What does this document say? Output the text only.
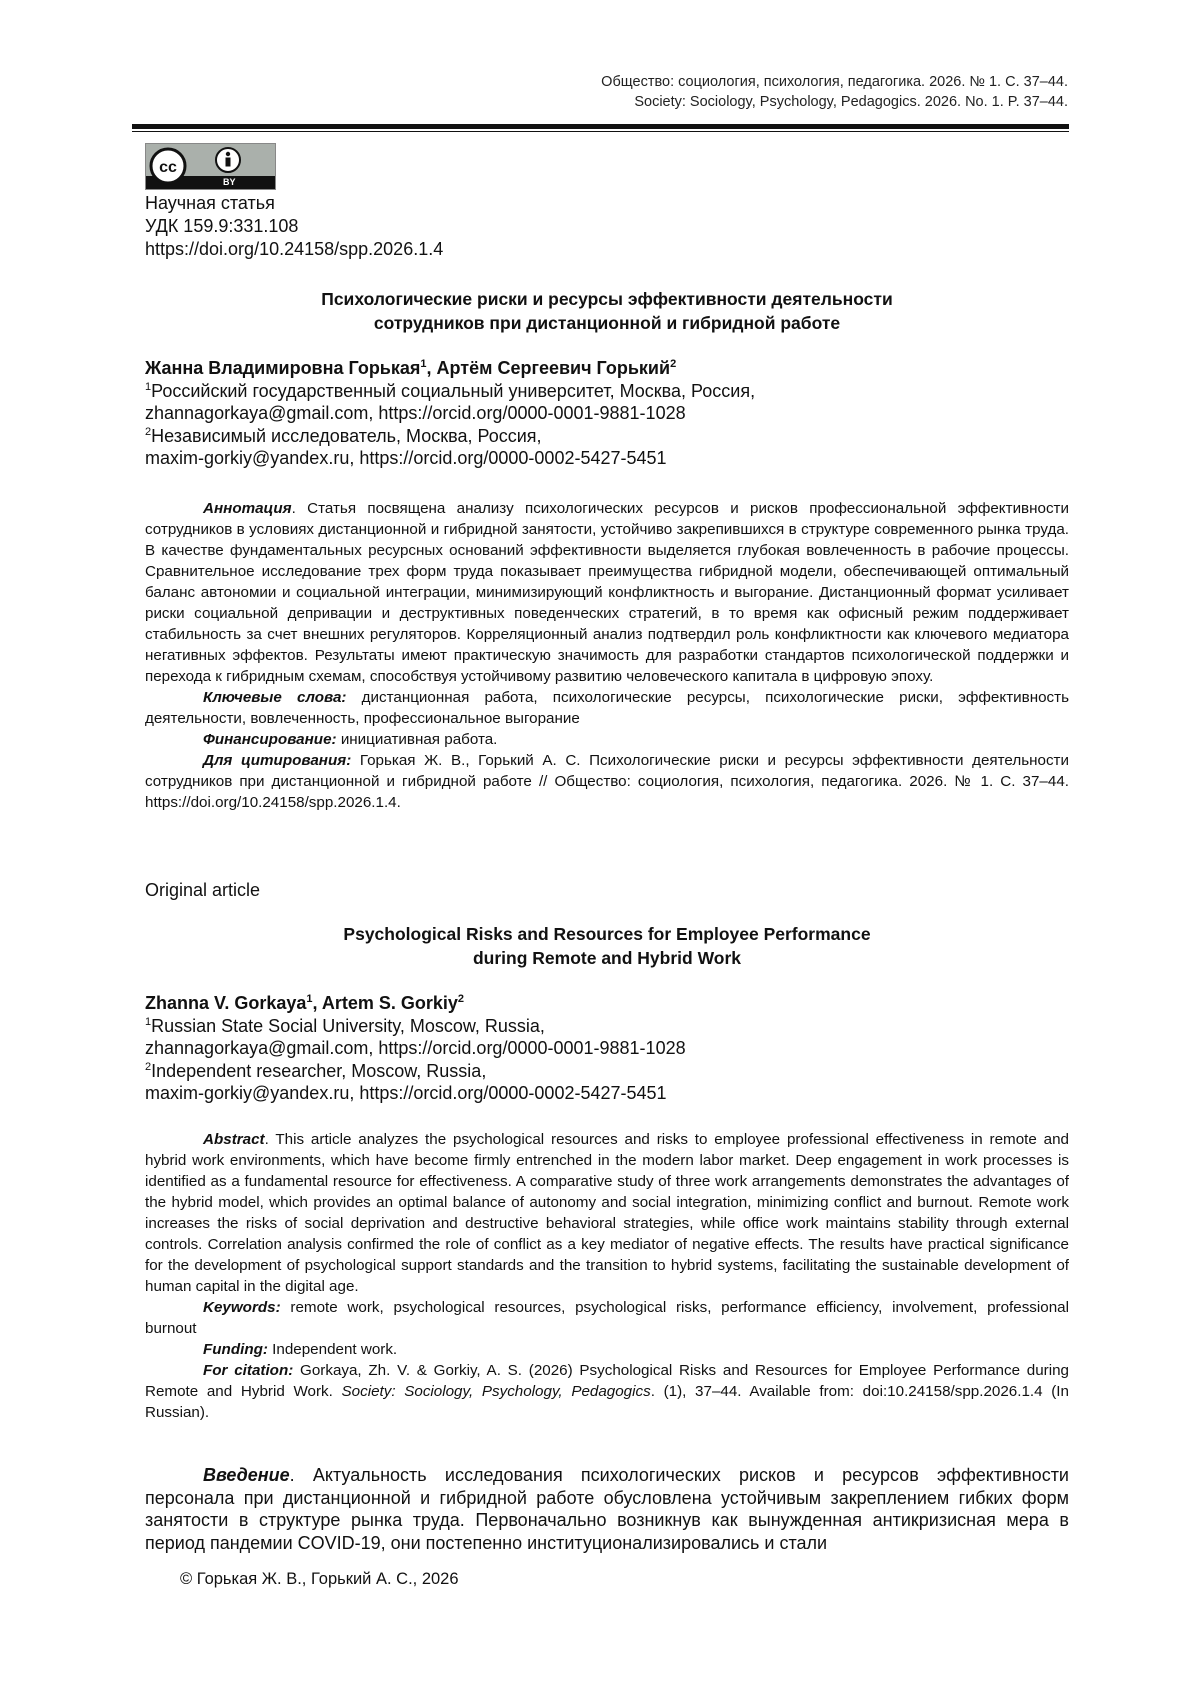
Общество: социология, психология, педагогика. 2026. № 1. С. 37–44.
Society: Sociology, Psychology, Pedagogics. 2026. No. 1. P. 37–44.
cc
BY
Научная статья
УДК 159.9:331.108
https://doi.org/10.24158/spp.2026.1.4
Психологические риски и ресурсы эффективности деятельности
сотрудников при дистанционной и гибридной работе
Жанна Владимировна Горькая$^1$, Артём Сергеевич Горький$^2$
$^1$Российский государственный социальный университет, Москва, Россия,
zhannagorkaya@gmail.com, https://orcid.org/0000-0001-9881-1028
$^2$Независимый исследователь, Москва, Россия,
maxim-gorkiy@yandex.ru, https://orcid.org/0000-0002-5427-5451

Аннотация. Статья посвящена анализу психологических ресурсов и рисков профессиональной эффективности сотрудников в условиях дистанционной и гибридной занятости, устойчиво закрепившихся в структуре современного рынка труда. В качестве фундаментальных ресурсных оснований эффективности выделяется глубокая вовлеченность в рабочие процессы. Сравнительное исследование трех форм труда показывает преимущества гибридной модели, обеспечивающей оптимальный баланс автономии и социальной интеграции, минимизирующий конфликтность и выгорание. Дистанционный формат усиливает риски социальной депривации и деструктивных поведенческих стратегий, в то время как офисный режим поддерживает стабильность за счет внешних регуляторов. Корреляционный анализ подтвердил роль конфликтности как ключевого медиатора негативных эффектов. Результаты имеют практическую значимость для разработки стандартов психологической поддержки и перехода к гибридным схемам, способствуя устойчивому развитию человеческого капитала в цифровую эпоху.

Ключевые слова: дистанционная работа, психологические ресурсы, психологические риски, эффективность деятельности, вовлеченность, профессиональное выгорание

Финансирование: инициативная работа.

Для цитирования: Горькая Ж. В., Горький А. С. Психологические риски и ресурсы эффективности деятельности сотрудников при дистанционной и гибридной работе // Общество: социология, психология, педагогика. 2026. № 1. С. 37–44. https://doi.org/10.24158/spp.2026.1.4.

Original article
Psychological Risks and Resources for Employee Performance
during Remote and Hybrid Work
Zhanna V. Gorkaya$^1$, Artem S. Gorkiy$^2$
$^1$Russian State Social University, Moscow, Russia,
zhannagorkaya@gmail.com, https://orcid.org/0000-0001-9881-1028
$^2$Independent researcher, Moscow, Russia,
maxim-gorkiy@yandex.ru, https://orcid.org/0000-0002-5427-5451

Abstract. This article analyzes the psychological resources and risks to employee professional effectiveness in remote and hybrid work environments, which have become firmly entrenched in the modern labor market. Deep engagement in work processes is identified as a fundamental resource for effectiveness. A comparative study of three work arrangements demonstrates the advantages of the hybrid model, which provides an optimal balance of autonomy and social integration, minimizing conflict and burnout. Remote work increases the risks of social deprivation and destructive behavioral strategies, while office work maintains stability through external controls. Correlation analysis confirmed the role of conflict as a key mediator of negative effects. The results have practical significance for the development of psychological support standards and the transition to hybrid systems, facilitating the sustainable development of human capital in the digital age.

Keywords: remote work, psychological resources, psychological risks, performance efficiency, involvement, professional burnout

Funding: Independent work.

For citation: Gorkaya, Zh. V. & Gorkiy, A. S. (2026) Psychological Risks and Resources for Employee Performance during Remote and Hybrid Work. Society: Sociology, Psychology, Pedagogics. (1), 37–44. Available from: doi:10.24158/spp.2026.1.4 (In Russian).

Введение. Актуальность исследования психологических рисков и ресурсов эффективности персонала при дистанционной и гибридной работе обусловлена устойчивым закреплением гибких форм занятости в структуре рынка труда. Первоначально возникнув как вынужденная антикризисная мера в период пандемии COVID-19, они постепенно институционализировались и стали

© Горькая Ж. В., Горький А. С., 2026
